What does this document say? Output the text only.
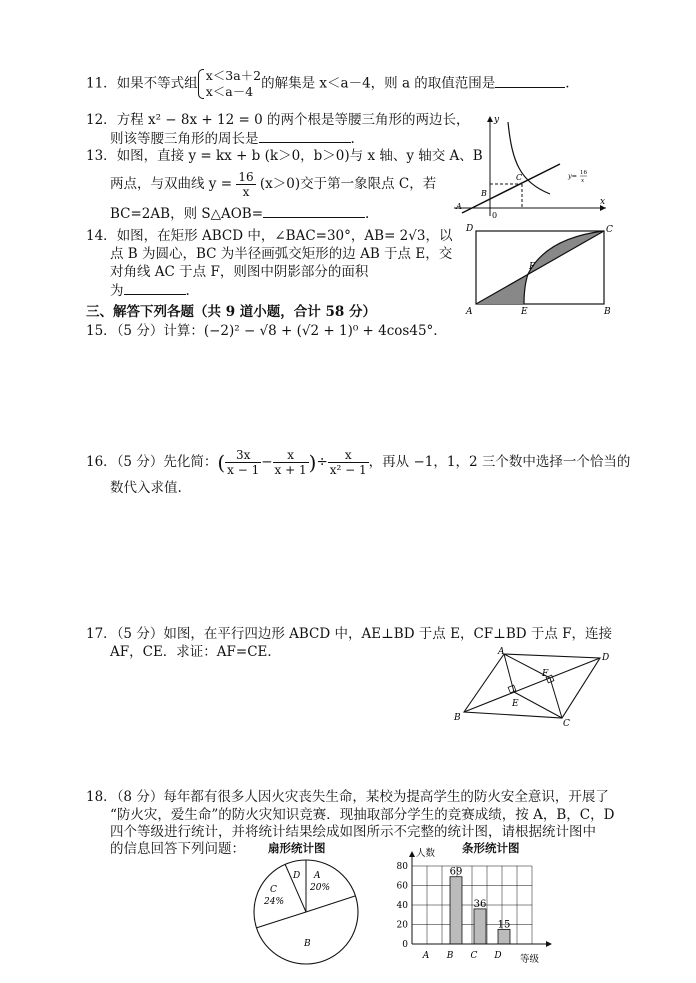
11．如果不等式组 x＜3a＋2
x＜a－4 的解集是 x＜a－4，则 a 的取值范围是	.
12．方程 x² − 8x + 12 = 0 的两个根是等腰三角形的两边长，
则该等腰三角形的周长是	.
13．如图，直接 y = kx + b (k＞0，b＞0)与 x 轴、y 轴交 A、B
两点，与双曲线 $y = \frac{16}{x} (x>0)$交于第一象限点 C，若
BC=2AB，则 S△AOB=	.
14．如图，在矩形 ABCD 中，∠BAC=30°，AB= 2√3，以
点 B 为圆心，BC 为半径画弧交矩形的边 AB 于点 E，交
对角线 AC 于点 F，则图中阴影部分的面积
为	.
三、解答下列各题（共 9 道小题，合计 58 分）
15．（5 分）计算：(−2)² − √8 + (√2 + 1)⁰ + 4cos45°.
16．（5 分）先化简：( $\frac{3x}{x - 1} - \frac{x}{x + 1}$ )÷ $\frac{x}{\text{x² − 1}}$ ，再从 −1，1，2 三个数中选择一个恰当的
数代入求值.
17．（5 分）如图，在平行四边形 ABCD 中，AE⊥BD 于点 E，CF⊥BD 于点 F，连接
AF，CE．求证：AF=CE．
18．（8 分）每年都有很多人因火灾丧失生命，某校为提高学生的防火安全意识，开展了
“防火灾，爱生命”的防火灾知识竞赛．现抽取部分学生的竞赛成绩，按 A，B，C，D
四个等级进行统计，并将统计结果绘成如图所示不完整的统计图，请根据统计图中
的信息回答下列问题：
y
x
0
A
B
C	y= 16
x
D	C
A	B
E
F
A
D
B
C
E
F
扇形统计图
C
24%
D A
20%
B
条形统计图
人数
等级
0
20
40
60
80
A B
69
C
36
D
15
